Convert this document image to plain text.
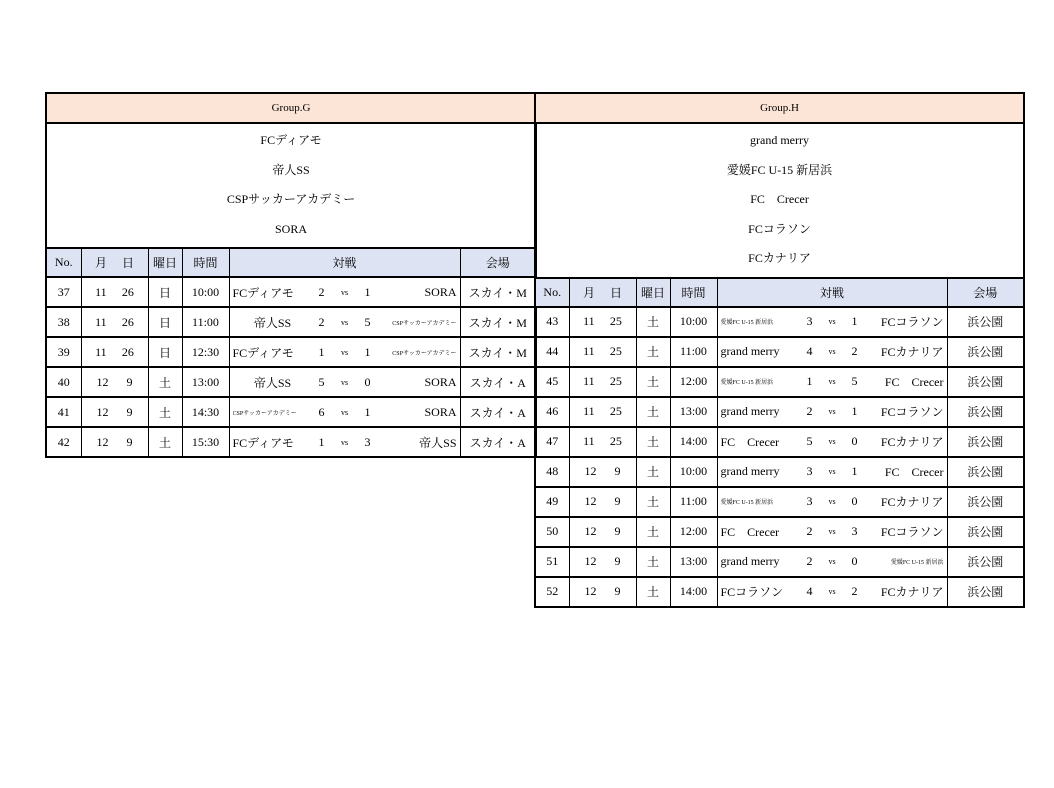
Group.G					

FCディアモ
帝人SS
CSPサッカーアカデミー
SORA					

No.	月 日	曜日	時間	対戦	会場
37	11 26	日	10:00	FCディアモ 2 vs 1 SORA	スカイ・M
38	11 26	日	11:00	帝人SS 2 vs 5 CSPサッカーアカデミー	スカイ・M
39	11 26	日	12:30	FCディアモ 1 vs 1 CSPサッカーアカデミー	スカイ・M
40	12 9	土	13:00	帝人SS 5 vs 0 SORA	スカイ・A
41	12 9	土	14:30	CSPサッカーアカデミー 6 vs 1 SORA	スカイ・A
42	12 9	土	15:30	FCディアモ 1 vs 3 帝人SS	スカイ・A
Group.H					

grand merry
愛媛FC U-15 新居浜
FC　Crecer
FCコラソン
FCカナリア					

No.	月 日	曜日	時間	対戦	会場
43	11 25	土	10:00	愛媛FC U-15 新居浜 3 vs 1 FCコラソン	浜公園
44	11 25	土	11:00	grand merry 4 vs 2 FCカナリア	浜公園
45	11 25	土	12:00	愛媛FC U-15 新居浜 1 vs 5 FC　Crecer	浜公園
46	11 25	土	13:00	grand merry 2 vs 1 FCコラソン	浜公園
47	11 25	土	14:00	FC　Crecer 5 vs 0 FCカナリア	浜公園
48	12 9	土	10:00	grand merry 3 vs 1 FC　Crecer	浜公園
49	12 9	土	11:00	愛媛FC U-15 新居浜 3 vs 0 FCカナリア	浜公園
50	12 9	土	12:00	FC　Crecer 2 vs 3 FCコラソン	浜公園
51	12 9	土	13:00	grand merry 2 vs 0 愛媛FC U-15 新居浜	浜公園
52	12 9	土	14:00	FCコラソン 4 vs 2 FCカナリア	浜公園
